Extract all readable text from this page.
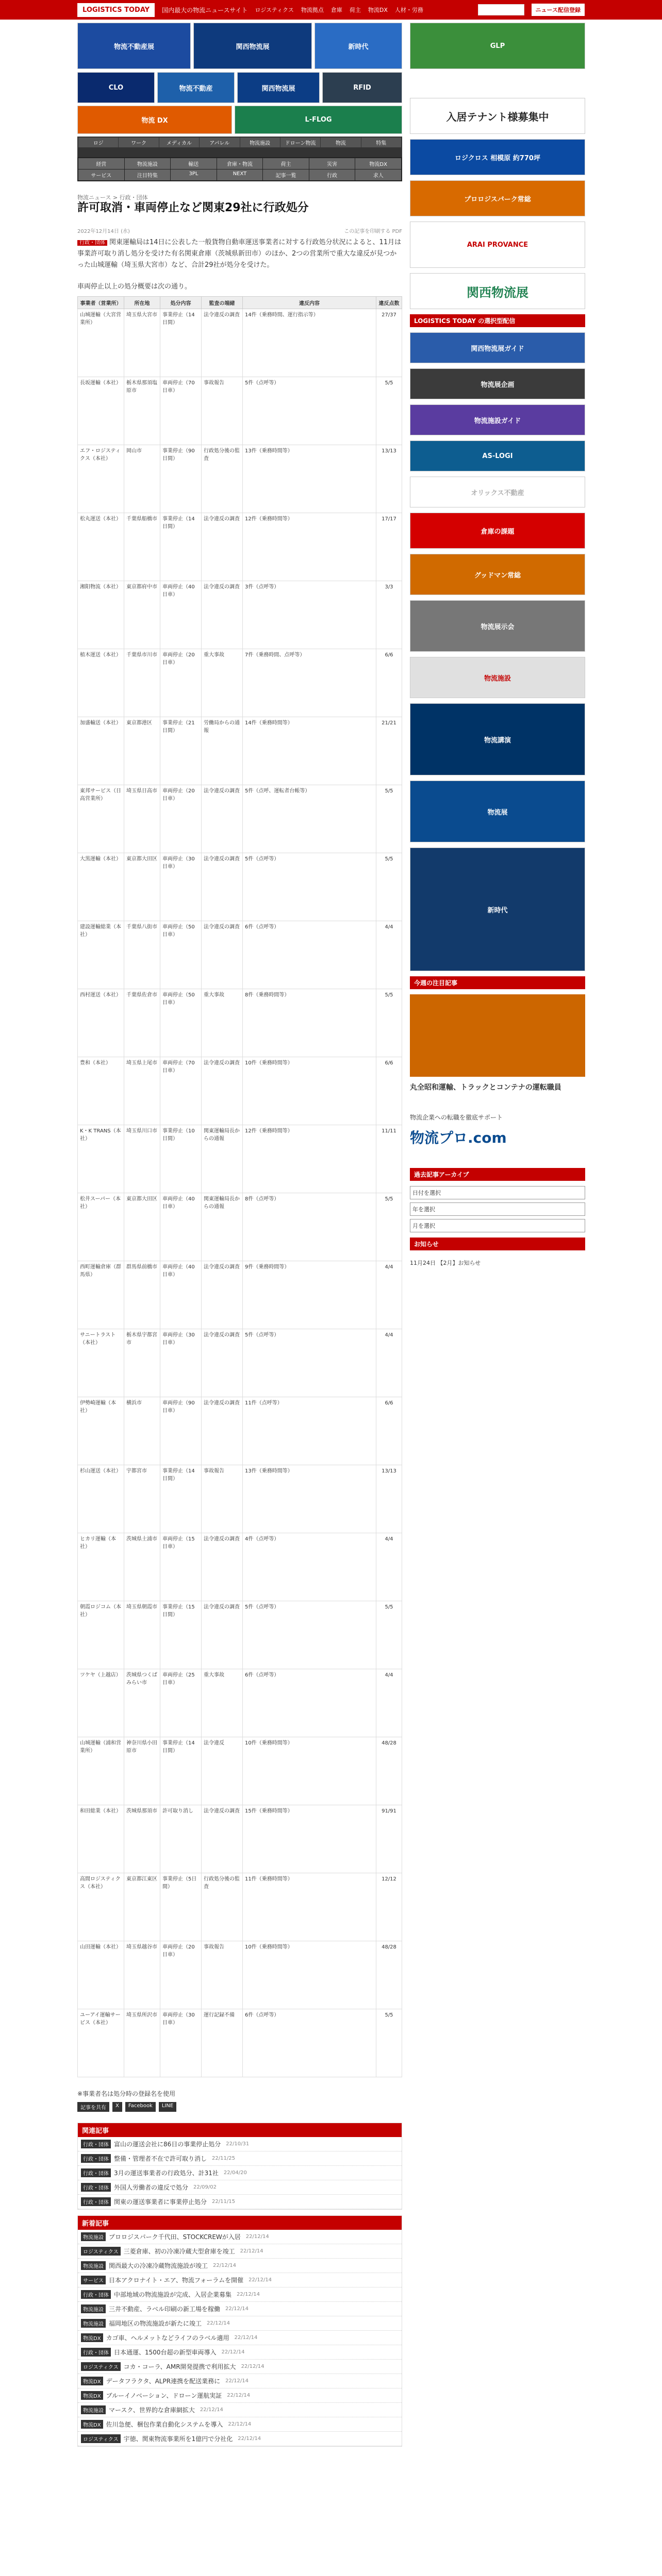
LOGISTICS TODAY	国内最大の物流ニュースサイト ロジスティクス 物流拠点 倉庫 荷主 物流DX 人材・労務	ニュース配信登録
物流不動産展	関西物流展	新時代	GLP
CLO	物流不動産	関西物流展	RFID
物流 DX	L-FLOG
ロジ	ワーク	メディカル	アパレル	物流施設	ドローン物流	物流	特集
経営	物流施設	輸送	倉庫・物流	荷主	災害	物流DX
サービス	注目特集	3PL	NEXT	記事一覧	行政	求人
物流ニュース > 行政・団体
許可取消・車両停止など関東29社に行政処分
2022年12月14日 (水)	この記事を印刷する PDF

行政・団体 関東運輸局は14日に公表した一般貨物自動車運送事業者に対する行政処分状況によると、11月は事業許可取り消し処分を受けた有名関東倉庫（茨城県新田市）のほか、2つの営業所で重大な違反が見つかった山城運輸（埼玉県大宮市）など、合計29社が処分を受けた。

車両停止以上の処分概要は次の通り。

事業者（営業所）	所在地	処分内容	監査の端緒	違反内容	違反点数
山城運輸（大宮営業所）	埼玉県大宮市	事業停止（14日間）	法令違反の調査	14件（乗務時間、運行指示等）	27/37
長坂運輸（本社）	栃木県那須塩原市	車両停止（70日車）	事故報告	5件（点呼等）	5/5
エフ・ロジスティクス（本社）	岡山市	事業停止（90日間）	行政処分後の監査	13件（乗務時間等）	13/13
松丸運送（本社）	千葉県船橋市	事業停止（14日間）	法令違反の調査	12件（乗務時間等）	17/17
湘阳物流（本社）	東京都府中市	車両停止（40日車）	法令違反の調査	3件（点呼等）	3/3
植木運送（本社）	千葉県市川市	車両停止（20日車）	重大事故	7件（乗務時間、点呼等）	6/6
加盛輸送（本社）	東京都港区	事業停止（21日間）	労働局からの通報	14件（乗務時間等）	21/21
東邦サービス（日高営業所）	埼玉県日高市	車両停止（20日車）	法令違反の調査	5件（点呼、運転者台帳等）	5/5
大黒運輸（本社）	東京都大田区	車両停止（30日車）	法令違反の調査	5件（点呼等）	5/5
建設運輸総業（本社）	千葉県八街市	車両停止（50日車）	法令違反の調査	6件（点呼等）	4/4
西村運送（本社）	千葉県佐倉市	車両停止（50日車）	重大事故	8件（乗務時間等）	5/5
豊和（本社）	埼玉県上尾市	車両停止（70日車）	法令違反の調査	10件（乗務時間等）	6/6
K・K TRANS（本社）	埼玉県川口市	事業停止（10日間）	関東運輸局長からの通報	12件（乗務時間等）	11/11
松井スーパー（本社）	東京都大田区	車両停止（40日車）	関東運輸局長からの通報	8件（点呼等）	5/5
西町運輸倉庫（群馬県）	群馬県前橋市	車両停止（40日車）	法令違反の調査	9件（乗務時間等）	4/4
サニートラスト（本社）	栃木県宇都宮市	車両停止（30日車）	法令違反の調査	5件（点呼等）	4/4
伊勢崎運輸（本社）	横浜市	車両停止（90日車）	法令違反の調査	11件（点呼等）	6/6
杉山運送（本社）	宇都宮市	事業停止（14日間）	事故報告	13件（乗務時間等）	13/13
ヒカリ運輸（本社）	茨城県土浦市	車両停止（15日車）	法令違反の調査	4件（点呼等）	4/4
朝霞ロジコム（本社）	埼玉県朝霞市	事業停止（15日間）	法令違反の調査	5件（点呼等）	5/5
ツケヤ（上越店）	茨城県つくばみらい市	車両停止（25日車）	重大事故	6件（点呼等）	4/4
山城運輸（浦和営業所）	神奈川県小田原市	事業停止（14日間）	法令違反	10件（乗務時間等）	48/28
和田総業（本社）	茨城県那須市	許可取り消し	法令違反の調査	15件（乗務時間等）	91/91
高間ロジスティクス（本社）	東京都江東区	事業停止（5日間）	行政処分後の監査	11件（乗務時間等）	12/12
山田運輸（本社）	埼玉県越谷市	車両停止（20日車）	事故報告	10件（乗務時間等）	48/28
ユーアイ運輸サービス（本社）	埼玉県所沢市	車両停止（30日車）	運行記録不備	6件（点呼等）	5/5

※事業者名は処分時の登録名を使用

記事を共有	X	Facebook	LINE
関連記事
行政・団体 富山の運送会社に86日の事業停止処分 22/10/31
行政・団体 整備・管理者不在で許可取り消し 22/11/25
行政・団体 3月の運送事業者の行政処分、計31社 22/04/20
行政・団体 外国人労働者の違反で処分 22/09/02
行政・団体 関東の運送事業者に事業停止処分 22/11/15
新着記事
物流施設 プロロジスパーク千代田、STOCKCREWが入居 22/12/14
ロジスティクス 三菱倉庫、初の冷凍冷蔵大型倉庫を竣工 22/12/14
物流施設 関西最大の冷凍冷蔵物流施設が竣工 22/12/14
サービス 日本アクロナイト・エア、物流フォーラムを開催 22/12/14
行政・団体 中部地域の物流施設が完成、入居企業募集 22/12/14
物流施設 三井不動産、ラベル印刷の新工場を稼働 22/12/14
物流施設 福岡地区の物流施設が新たに竣工 22/12/14
物流DX カゴ車、ヘルメットなどライフのラベル適用 22/12/14
行政・団体 日本通運、1500台超の新型車両導入 22/12/14
ロジスティクス コカ・コーラ、AMR開発提携で利用拡大 22/12/14
物流DX データフラクタ、ALPR連携を配送業務に 22/12/14
物流DX ブルーイノベーション、ドローン運航実証 22/12/14
物流施設 マースク、世界的な倉庫網拡大 22/12/14
物流DX 佐川急便、梱包作業自動化システムを導入 22/12/14
ロジスティクス 宇徳、関東物流事業所を1億円で分社化 22/12/14
入居テナント様募集中
ロジクロス 相模原 約770坪
プロロジスパーク常総
ARAI PROVANCE
関西物流展
LOGISTICS TODAY の選択型配信
関西物流展ガイド
物流展企画
物流施設ガイド
AS-LOGI
オリックス不動産
倉庫の課題
グッドマン常総
物流展示会
物流施設
物流講演
物流展
新時代
今週の注目記事
丸全昭和運輸、トラックとコンテナの運転職員
物流企業への転職を徹底サポート
物流プロ.com
過去記事アーカイブ
日付を選択
年を選択
月を選択
お知らせ
11月24日 【2月】お知らせ
